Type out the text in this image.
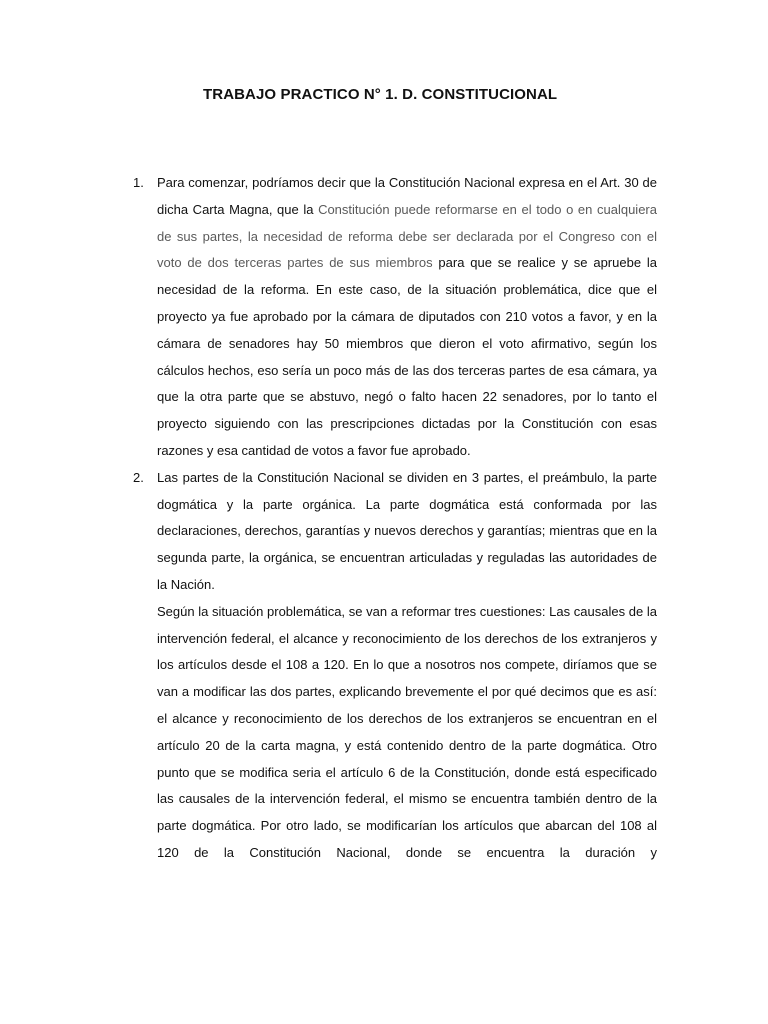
TRABAJO PRACTICO N° 1. D. CONSTITUCIONAL
1. Para comenzar, podríamos decir que la Constitución Nacional expresa en el Art. 30 de dicha Carta Magna, que la Constitución puede reformarse en el todo o en cualquiera de sus partes, la necesidad de reforma debe ser declarada por el Congreso con el voto de dos terceras partes de sus miembros para que se realice y se apruebe la necesidad de la reforma. En este caso, de la situación problemática, dice que el proyecto ya fue aprobado por la cámara de diputados con 210 votos a favor, y en la cámara de senadores hay 50 miembros que dieron el voto afirmativo, según los cálculos hechos, eso sería un poco más de las dos terceras partes de esa cámara, ya que la otra parte que se abstuvo, negó o falto hacen 22 senadores, por lo tanto el proyecto siguiendo con las prescripciones dictadas por la Constitución con esas razones y esa cantidad de votos a favor fue aprobado.
2. Las partes de la Constitución Nacional se dividen en 3 partes, el preámbulo, la parte dogmática y la parte orgánica. La parte dogmática está conformada por las declaraciones, derechos, garantías y nuevos derechos y garantías; mientras que en la segunda parte, la orgánica, se encuentran articuladas y reguladas las autoridades de la Nación.
Según la situación problemática, se van a reformar tres cuestiones: Las causales de la intervención federal, el alcance y reconocimiento de los derechos de los extranjeros y los artículos desde el 108 a 120. En lo que a nosotros nos compete, diríamos que se van a modificar las dos partes, explicando brevemente el por qué decimos que es así: el alcance y reconocimiento de los derechos de los extranjeros se encuentran en el artículo 20 de la carta magna, y está contenido dentro de la parte dogmática. Otro punto que se modifica seria el artículo 6 de la Constitución, donde está especificado las causales de la intervención federal, el mismo se encuentra también dentro de la parte dogmática. Por otro lado, se modificarían los artículos que abarcan del 108 al 120 de la Constitución Nacional, donde se encuentra la duración y
